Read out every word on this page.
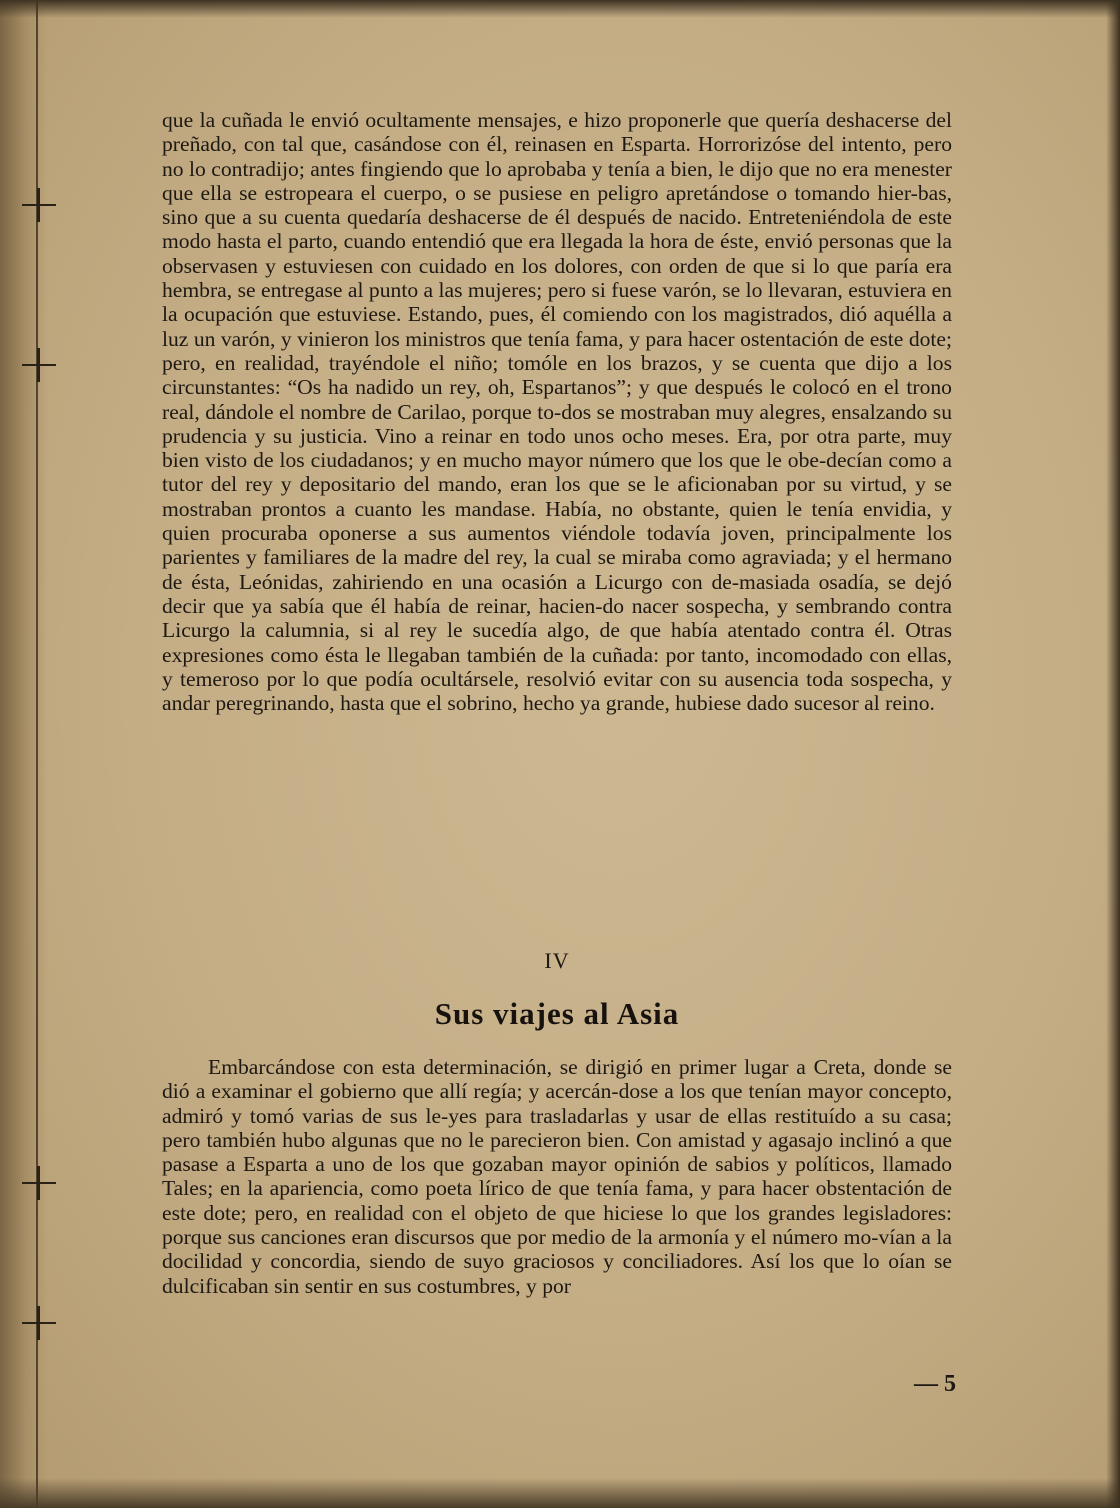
que la cuñada le envió ocultamente mensajes, e hizo proponerle que quería deshacerse del preñado, con tal que, casándose con él, reinasen en Esparta. Horrorizóse del intento, pero no lo contradijo; antes fingiendo que lo aprobaba y tenía a bien, le dijo que no era menester que ella se estropeara el cuerpo, o se pusiese en peligro apretándose o tomando hier-bas, sino que a su cuenta quedaría deshacerse de él después de nacido. Entreteniéndola de este modo hasta el parto, cuando entendió que era llegada la hora de éste, envió personas que la observasen y estuviesen con cuidado en los dolores, con orden de que si lo que paría era hembra, se entregase al punto a las mujeres; pero si fuese varón, se lo llevaran, estuviera en la ocupación que estuviese. Estando, pues, él comiendo con los magistrados, dió aquélla a luz un varón, y vinieron los ministros que tenía fama, y para hacer ostentación de este dote; pero, en realidad, trayéndole el niño; tomóle en los brazos, y se cuenta que dijo a los circunstantes: “Os ha nadido un rey, oh, Espartanos”; y que después le colocó en el trono real, dándole el nombre de Carilao, porque to-dos se mostraban muy alegres, ensalzando su prudencia y su justicia. Vino a reinar en todo unos ocho meses. Era, por otra parte, muy bien visto de los ciudadanos; y en mucho mayor número que los que le obe-decían como a tutor del rey y depositario del mando, eran los que se le aficionaban por su virtud, y se mostraban prontos a cuanto les mandase. Había, no obstante, quien le tenía envidia, y quien procuraba oponerse a sus aumentos viéndole todavía joven, principalmente los parientes y familiares de la madre del rey, la cual se miraba como agraviada; y el hermano de ésta, Leónidas, zahiriendo en una ocasión a Licurgo con de-masiada osadía, se dejó decir que ya sabía que él había de reinar, hacien-do nacer sospecha, y sembrando contra Licurgo la calumnia, si al rey le sucedía algo, de que había atentado contra él. Otras expresiones como ésta le llegaban también de la cuñada: por tanto, incomodado con ellas, y temeroso por lo que podía ocultársele, resolvió evitar con su ausencia toda sospecha, y andar peregrinando, hasta que el sobrino, hecho ya grande, hubiese dado sucesor al reino.

IV
Sus viajes al Asia

Embarcándose con esta determinación, se dirigió en primer lugar a Creta, donde se dió a examinar el gobierno que allí regía; y acercán-dose a los que tenían mayor concepto, admiró y tomó varias de sus le-yes para trasladarlas y usar de ellas restituído a su casa; pero también hubo algunas que no le parecieron bien. Con amistad y agasajo inclinó a que pasase a Esparta a uno de los que gozaban mayor opinión de sabios y políticos, llamado Tales; en la apariencia, como poeta lírico de que tenía fama, y para hacer obstentación de este dote; pero, en realidad con el objeto de que hiciese lo que los grandes legisladores: porque sus canciones eran discursos que por medio de la armonía y el número mo-vían a la docilidad y concordia, siendo de suyo graciosos y conciliadores. Así los que lo oían se dulcificaban sin sentir en sus costumbres, y por

— 5
